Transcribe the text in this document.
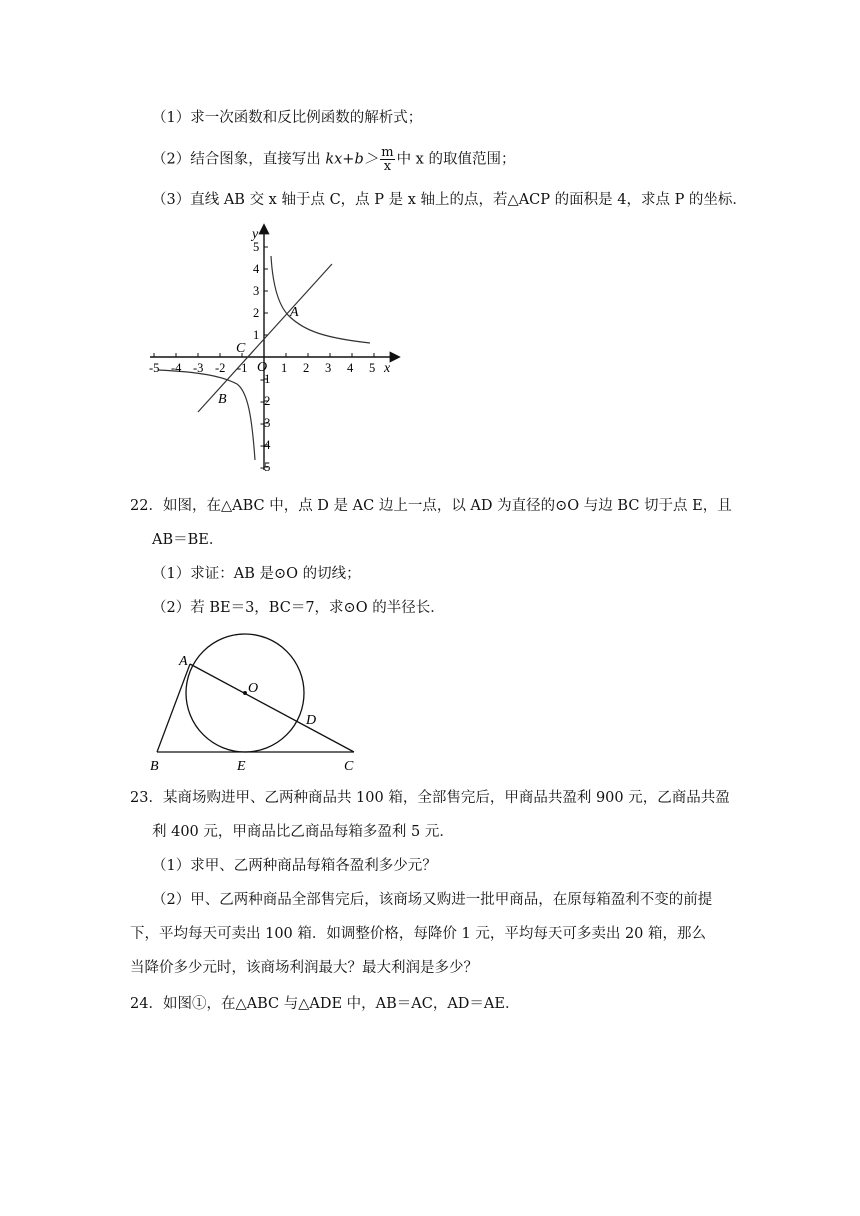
（1）求一次函数和反比例函数的解析式；
（2）结合图象，直接写出 $kx+b> \frac{m}{x}$ 中 x 的取值范围；
（3）直线 AB 交 x 轴于点 C，点 P 是 x 轴上的点，若△ACP 的面积是 4，求点 P 的坐标．
y
x
O
A
B
C
-5 -4 -3 -2 -1	1 2 3 4 5
5
4
3
2
1
-1
-2
-3
-4
-5
22．如图，在△ABC 中，点 D 是 AC 边上一点，以 AD 为直径的⊙O 与边 BC 切于点 E，且
AB＝BE．
（1）求证：AB 是⊙O 的切线；
（2）若 BE＝3，BC＝7，求⊙O 的半径长．
A
O
D
B	E	C
23．某商场购进甲、乙两种商品共 100 箱，全部售完后，甲商品共盈利 900 元，乙商品共盈
利 400 元，甲商品比乙商品每箱多盈利 5 元．
（1）求甲、乙两种商品每箱各盈利多少元？
（2）甲、乙两种商品全部售完后，该商场又购进一批甲商品，在原每箱盈利不变的前提
下，平均每天可卖出 100 箱．如调整价格，每降价 1 元，平均每天可多卖出 20 箱，那么
当降价多少元时，该商场利润最大？最大利润是多少？
24．如图①，在△ABC 与△ADE 中，AB＝AC，AD＝AE．
